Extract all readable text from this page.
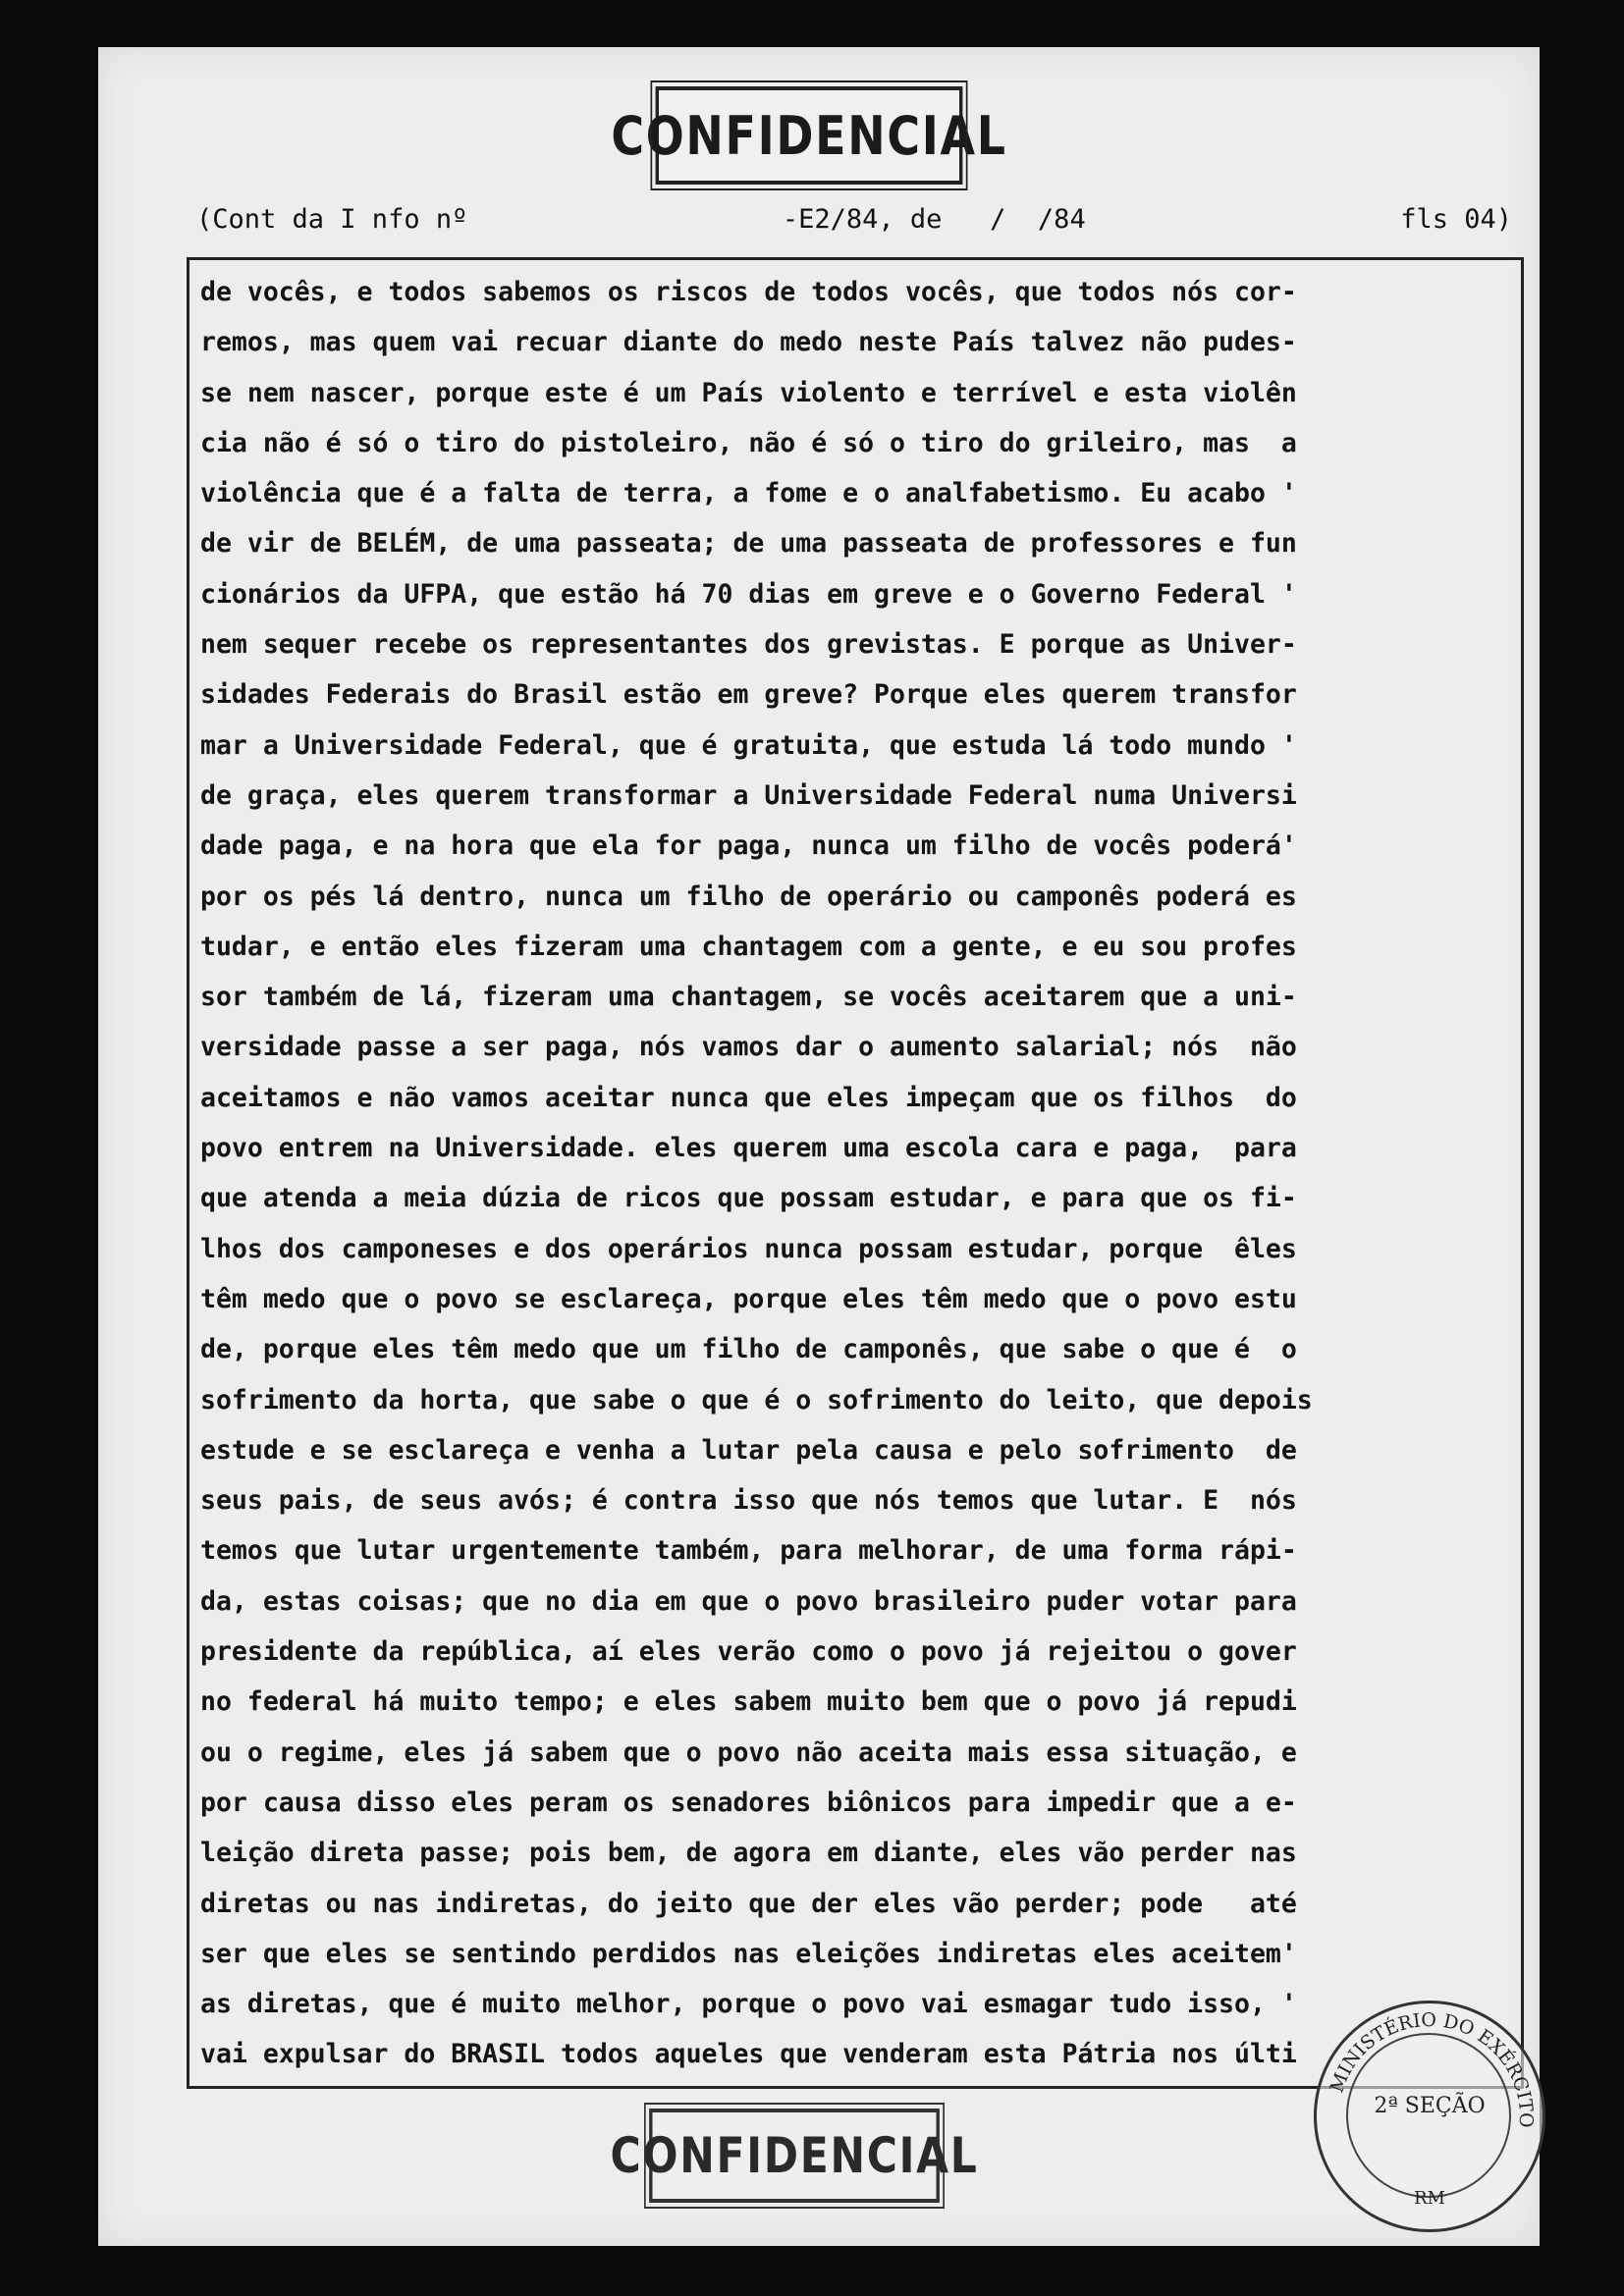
CONFIDENCIAL
(Cont da I nfo nº	-E2/84, de   /  /84	fls 04)
de vocês, e todos sabemos os riscos de todos vocês, que todos nós cor-
remos, mas quem vai recuar diante do medo neste País talvez não pudes-
se nem nascer, porque este é um País violento e terrível e esta violên
cia não é só o tiro do pistoleiro, não é só o tiro do grileiro, mas  a
violência que é a falta de terra, a fome e o analfabetismo. Eu acabo '
de vir de BELÉM, de uma passeata; de uma passeata de professores e fun
cionários da UFPA, que estão há 70 dias em greve e o Governo Federal '
nem sequer recebe os representantes dos grevistas. E porque as Univer-
sidades Federais do Brasil estão em greve? Porque eles querem transfor
mar a Universidade Federal, que é gratuita, que estuda lá todo mundo '
de graça, eles querem transformar a Universidade Federal numa Universi
dade paga, e na hora que ela for paga, nunca um filho de vocês poderá'
por os pés lá dentro, nunca um filho de operário ou camponês poderá es
tudar, e então eles fizeram uma chantagem com a gente, e eu sou profes
sor também de lá, fizeram uma chantagem, se vocês aceitarem que a uni-
versidade passe a ser paga, nós vamos dar o aumento salarial; nós  não
aceitamos e não vamos aceitar nunca que eles impeçam que os filhos  do
povo entrem na Universidade. eles querem uma escola cara e paga,  para
que atenda a meia dúzia de ricos que possam estudar, e para que os fi-
lhos dos camponeses e dos operários nunca possam estudar, porque  êles
têm medo que o povo se esclareça, porque eles têm medo que o povo estu
de, porque eles têm medo que um filho de camponês, que sabe o que é  o
sofrimento da horta, que sabe o que é o sofrimento do leito, que depois
estude e se esclareça e venha a lutar pela causa e pelo sofrimento  de
seus pais, de seus avós; é contra isso que nós temos que lutar. E  nós
temos que lutar urgentemente também, para melhorar, de uma forma rápi-
da, estas coisas; que no dia em que o povo brasileiro puder votar para
presidente da república, aí eles verão como o povo já rejeitou o gover
no federal há muito tempo; e eles sabem muito bem que o povo já repudi
ou o regime, eles já sabem que o povo não aceita mais essa situação, e
por causa disso eles peram os senadores biônicos para impedir que a e-
leição direta passe; pois bem, de agora em diante, eles vão perder nas
diretas ou nas indiretas, do jeito que der eles vão perder; pode   até
ser que eles se sentindo perdidos nas eleições indiretas eles aceitem'
as diretas, que é muito melhor, porque o povo vai esmagar tudo isso, '
vai expulsar do BRASIL todos aqueles que venderam esta Pátria nos últi
CONFIDENCIAL
MINISTÉRIO DO EXÉRCITO
2ª SEÇÃO
RM
